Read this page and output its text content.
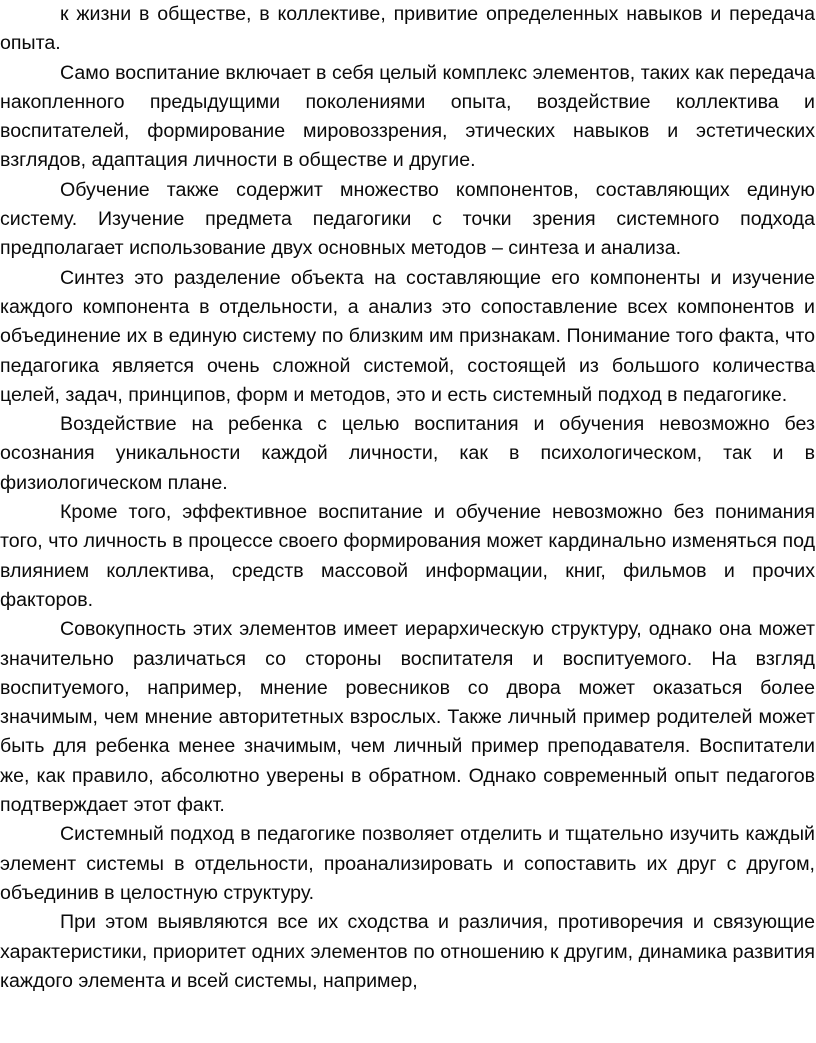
к жизни в обществе, в коллективе, привитие определенных навыков и передача опыта.

Само воспитание включает в себя целый комплекс элементов, таких как передача накопленного предыдущими поколениями опыта, воздействие коллектива и воспитателей, формирование мировоззрения, этических навыков и эстетических взглядов, адаптация личности в обществе и другие.

Обучение также содержит множество компонентов, составляющих единую систему. Изучение предмета педагогики с точки зрения системного подхода предполагает использование двух основных методов – синтеза и анализа.

Синтез это разделение объекта на составляющие его компоненты и изучение каждого компонента в отдельности, а анализ это сопоставление всех компонентов и объединение их в единую систему по близким им признакам. Понимание того факта, что педагогика является очень сложной системой, состоящей из большого количества целей, задач, принципов, форм и методов, это и есть системный подход в педагогике.

Воздействие на ребенка с целью воспитания и обучения невозможно без осознания уникальности каждой личности, как в психологическом, так и в физиологическом плане.

Кроме того, эффективное воспитание и обучение невозможно без понимания того, что личность в процессе своего формирования может кардинально изменяться под влиянием коллектива, средств массовой информации, книг, фильмов и прочих факторов.

Совокупность этих элементов имеет иерархическую структуру, однако она может значительно различаться со стороны воспитателя и воспитуемого. На взгляд воспитуемого, например, мнение ровесников со двора может оказаться более значимым, чем мнение авторитетных взрослых. Также личный пример родителей может быть для ребенка менее значимым, чем личный пример преподавателя. Воспитатели же, как правило, абсолютно уверены в обратном. Однако современный опыт педагогов подтверждает этот факт.

Системный подход в педагогике позволяет отделить и тщательно изучить каждый элемент системы в отдельности, проанализировать и сопоставить их друг с другом, объединив в целостную структуру.

При этом выявляются все их сходства и различия, противоречия и связующие характеристики, приоритет одних элементов по отношению к другим, динамика развития каждого элемента и всей системы, например,
